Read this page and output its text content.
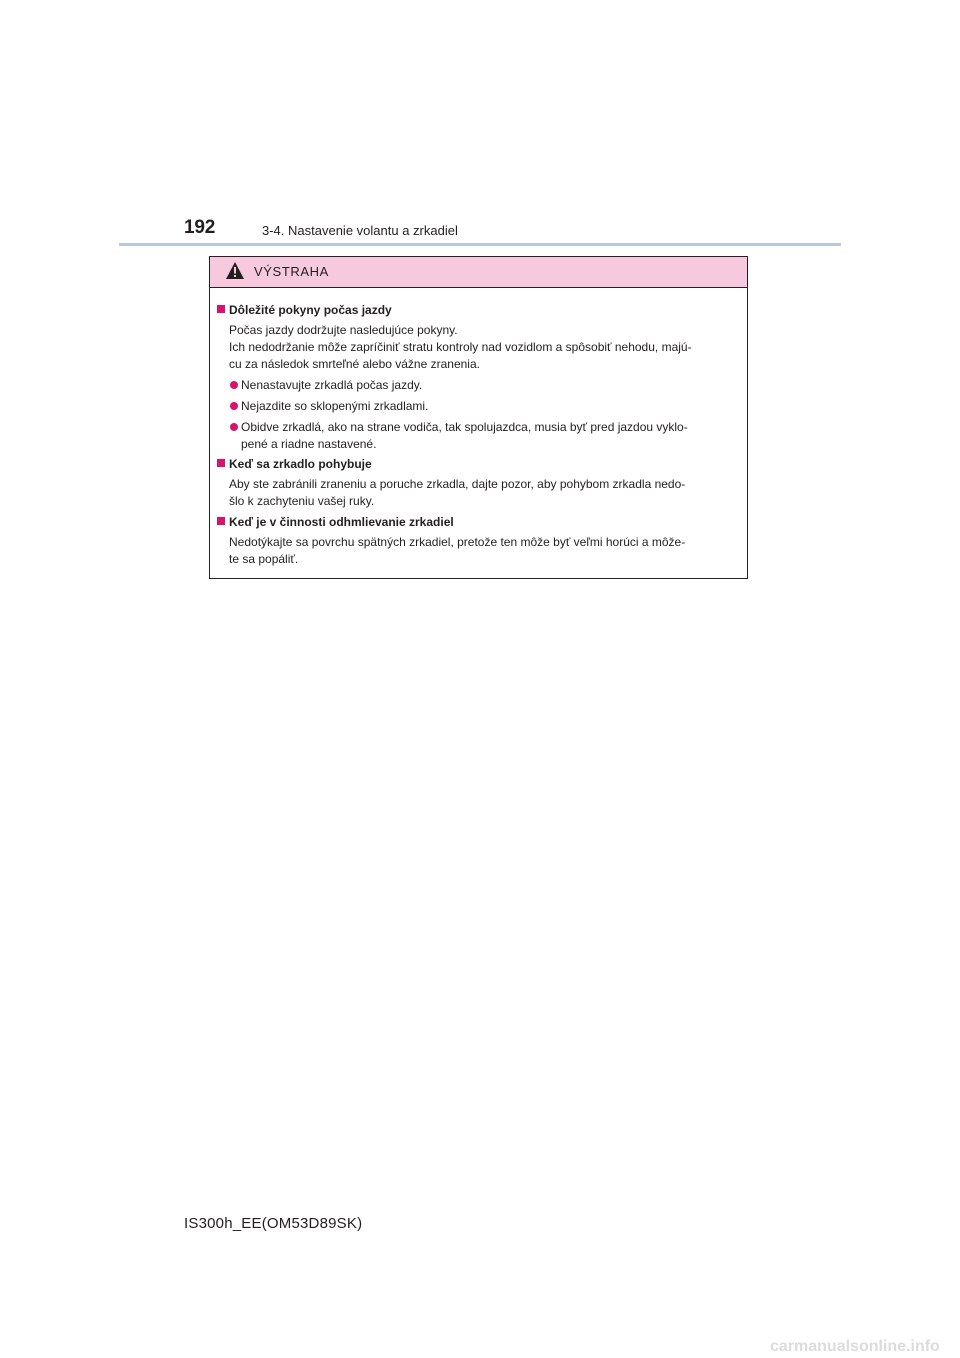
192	3-4. Nastavenie volantu a zrkadiel
VÝSTRAHA
Dôležité pokyny počas jazdy
Počas jazdy dodržujte nasledujúce pokyny.
Ich nedodržanie môže zapríčiniť stratu kontroly nad vozidlom a spôsobiť nehodu, majú-
cu za následok smrteľné alebo vážne zranenia.
Nenastavujte zrkadlá počas jazdy.
Nejazdite so sklopenými zrkadlami.
Obidve zrkadlá, ako na strane vodiča, tak spolujazdca, musia byť pred jazdou vyklo-
pené a riadne nastavené.
Keď sa zrkadlo pohybuje
Aby ste zabránili zraneniu a poruche zrkadla, dajte pozor, aby pohybom zrkadla nedo-
šlo k zachyteniu vašej ruky.
Keď je v činnosti odhmlievanie zrkadiel
Nedotýkajte sa povrchu spätných zrkadiel, pretože ten môže byť veľmi horúci a môže-
te sa popáliť.
IS300h_EE(OM53D89SK)
carmanualsonline.info
